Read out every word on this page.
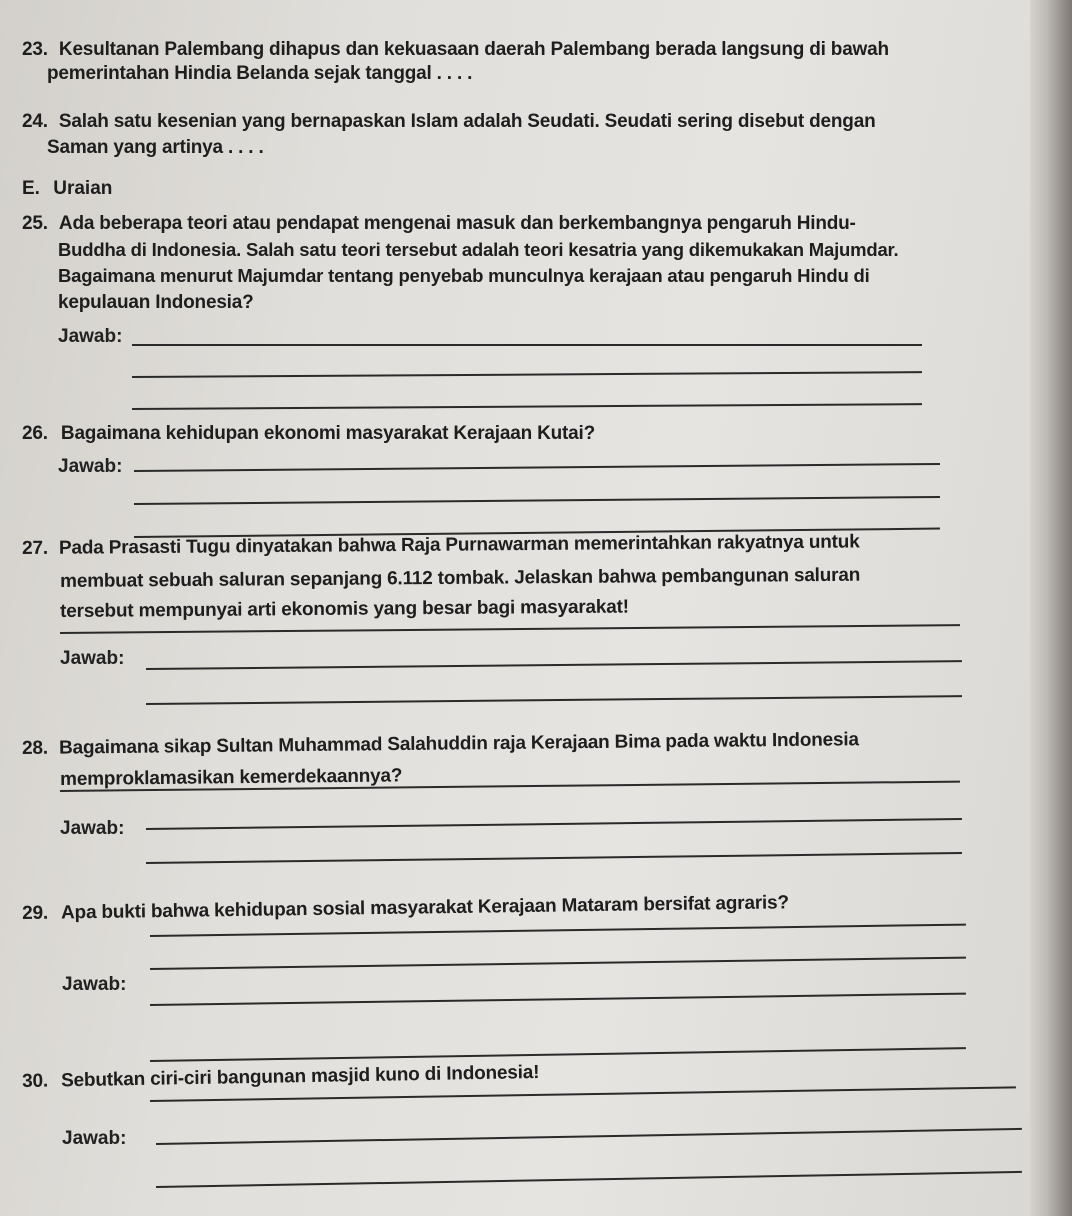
23. Kesultanan Palembang dihapus dan kekuasaan daerah Palembang berada langsung di bawah
pemerintahan Hindia Belanda sejak tanggal . . . .
24. Salah satu kesenian yang bernapaskan Islam adalah Seudati. Seudati sering disebut dengan
Saman yang artinya . . . .
E. Uraian
25. Ada beberapa teori atau pendapat mengenai masuk dan berkembangnya pengaruh Hindu-
Buddha di Indonesia. Salah satu teori tersebut adalah teori kesatria yang dikemukakan Majumdar.
Bagaimana menurut Majumdar tentang penyebab munculnya kerajaan atau pengaruh Hindu di
kepulauan Indonesia?
Jawab:
26. Bagaimana kehidupan ekonomi masyarakat Kerajaan Kutai?
Jawab:
27. Pada Prasasti Tugu dinyatakan bahwa Raja Purnawarman memerintahkan rakyatnya untuk
membuat sebuah saluran sepanjang 6.112 tombak. Jelaskan bahwa pembangunan saluran
tersebut mempunyai arti ekonomis yang besar bagi masyarakat!
Jawab:
28. Bagaimana sikap Sultan Muhammad Salahuddin raja Kerajaan Bima pada waktu Indonesia
memproklamasikan kemerdekaannya?
Jawab:
29. Apa bukti bahwa kehidupan sosial masyarakat Kerajaan Mataram bersifat agraris?
Jawab:
30. Sebutkan ciri-ciri bangunan masjid kuno di Indonesia!
Jawab:
